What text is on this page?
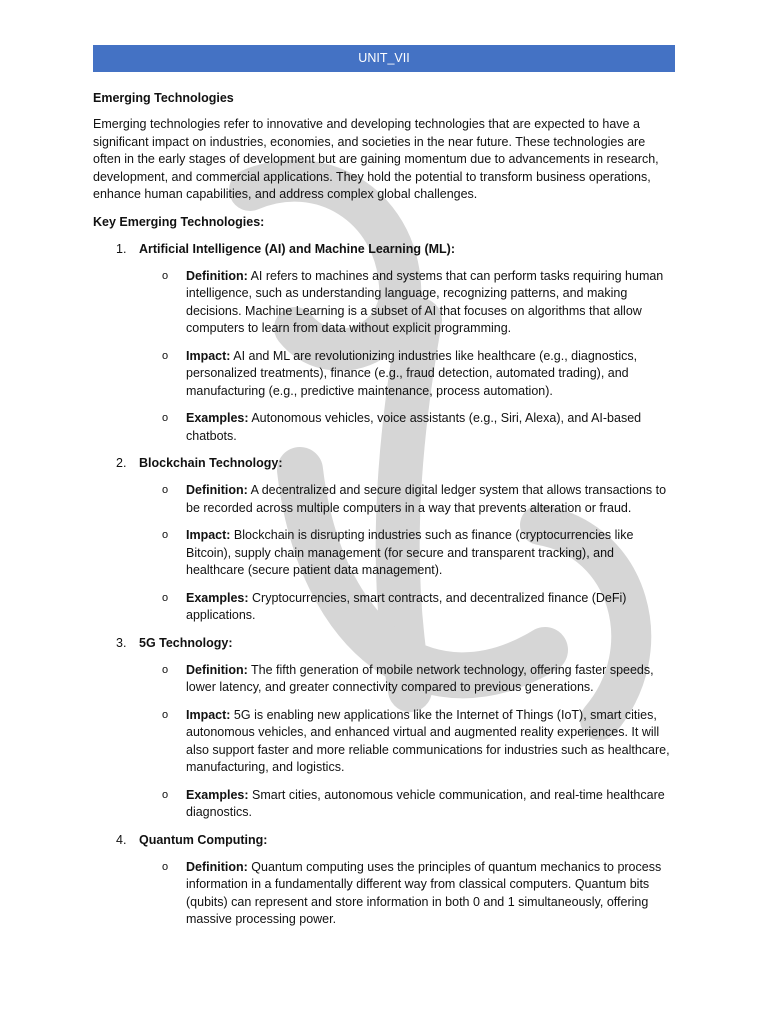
UNIT_VII
Emerging Technologies
Emerging technologies refer to innovative and developing technologies that are expected to have a significant impact on industries, economies, and societies in the near future. These technologies are often in the early stages of development but are gaining momentum due to advancements in research, development, and commercial applications. They hold the potential to transform business operations, enhance human capabilities, and address complex global challenges.
Key Emerging Technologies:
1. Artificial Intelligence (AI) and Machine Learning (ML):
o Definition: AI refers to machines and systems that can perform tasks requiring human intelligence, such as understanding language, recognizing patterns, and making decisions. Machine Learning is a subset of AI that focuses on algorithms that allow computers to learn from data without explicit programming.
o Impact: AI and ML are revolutionizing industries like healthcare (e.g., diagnostics, personalized treatments), finance (e.g., fraud detection, automated trading), and manufacturing (e.g., predictive maintenance, process automation).
o Examples: Autonomous vehicles, voice assistants (e.g., Siri, Alexa), and AI-based chatbots.
2. Blockchain Technology:
o Definition: A decentralized and secure digital ledger system that allows transactions to be recorded across multiple computers in a way that prevents alteration or fraud.
o Impact: Blockchain is disrupting industries such as finance (cryptocurrencies like Bitcoin), supply chain management (for secure and transparent tracking), and healthcare (secure patient data management).
o Examples: Cryptocurrencies, smart contracts, and decentralized finance (DeFi) applications.
3. 5G Technology:
o Definition: The fifth generation of mobile network technology, offering faster speeds, lower latency, and greater connectivity compared to previous generations.
o Impact: 5G is enabling new applications like the Internet of Things (IoT), smart cities, autonomous vehicles, and enhanced virtual and augmented reality experiences. It will also support faster and more reliable communications for industries such as healthcare, manufacturing, and logistics.
o Examples: Smart cities, autonomous vehicle communication, and real-time healthcare diagnostics.
4. Quantum Computing:
o Definition: Quantum computing uses the principles of quantum mechanics to process information in a fundamentally different way from classical computers. Quantum bits (qubits) can represent and store information in both 0 and 1 simultaneously, offering massive processing power.
